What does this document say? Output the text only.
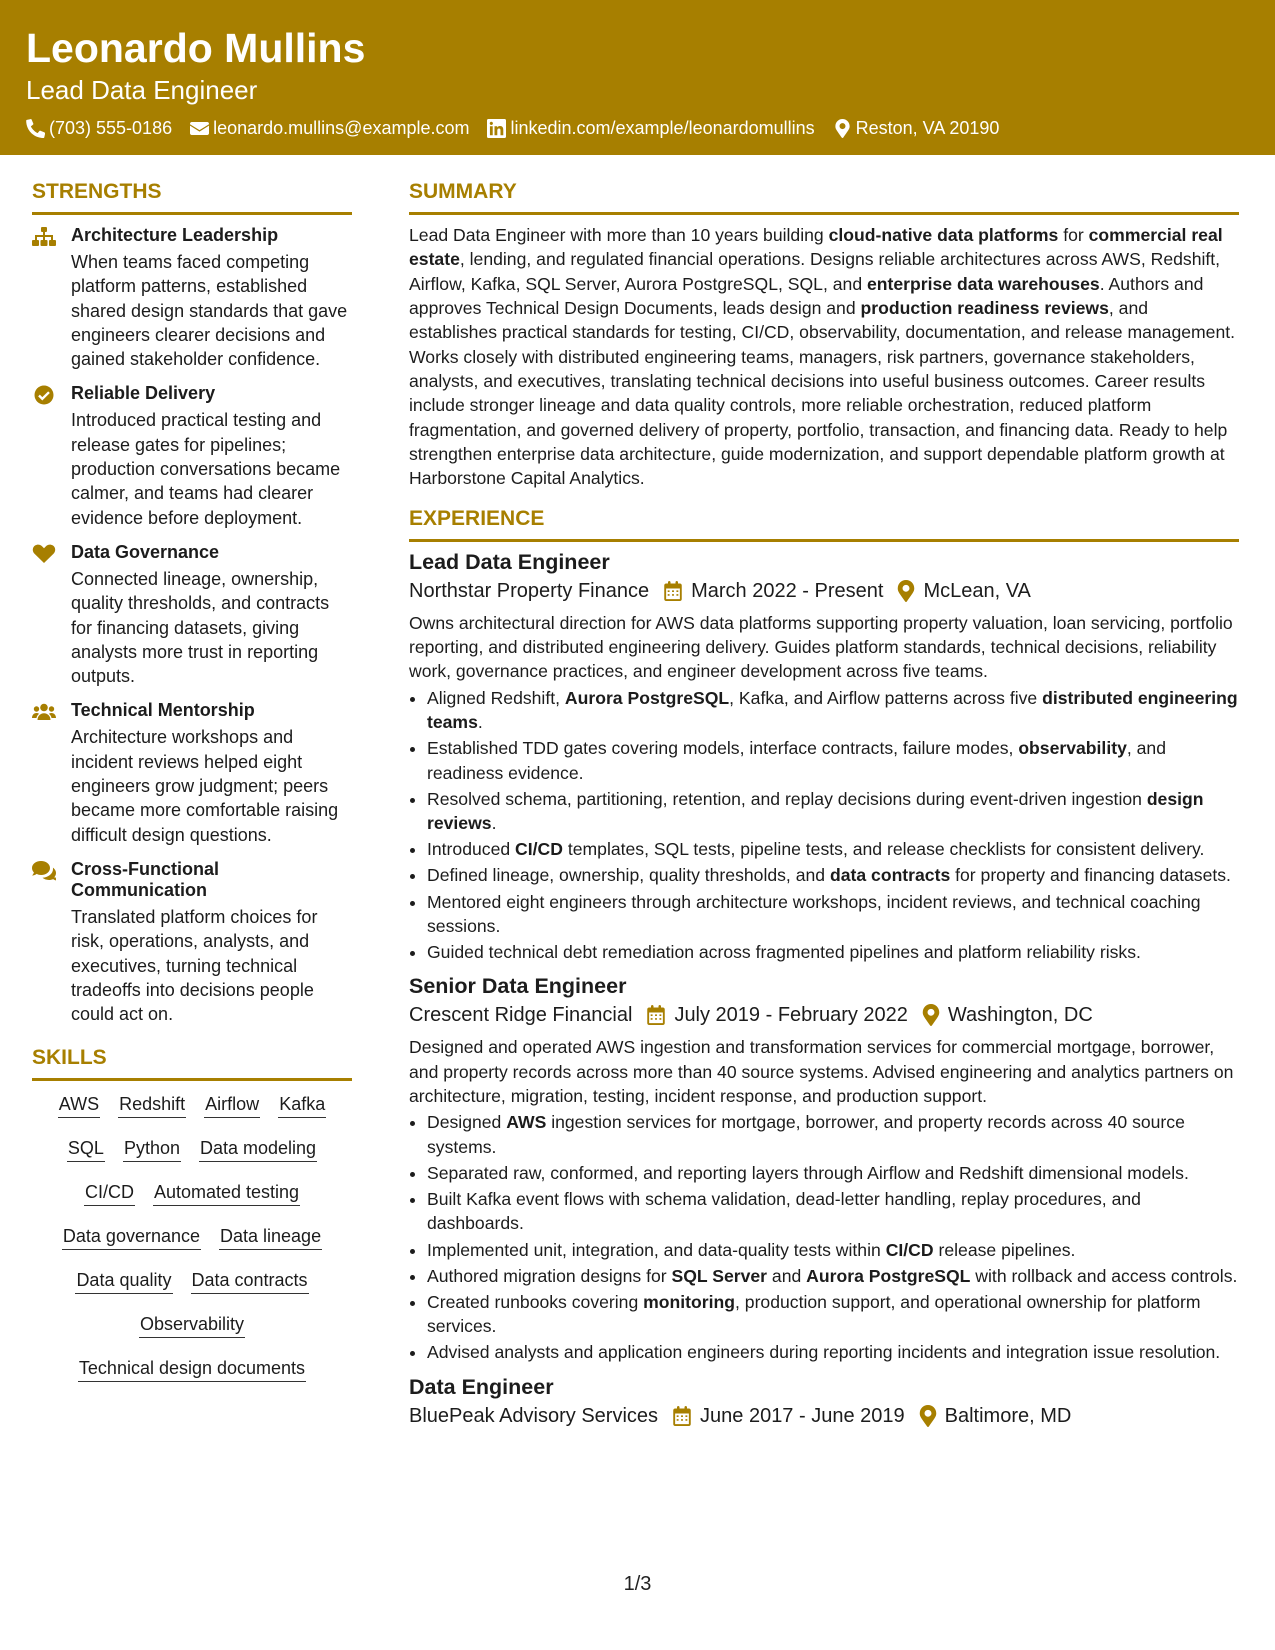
Leonardo Mullins
Lead Data Engineer
(703) 555-0186 leonardo.mullins@example.com linkedin.com/example/leonardomullins Reston, VA 20190
STRENGTHS
Architecture Leadership
When teams faced competing platform patterns, established shared design standards that gave engineers clearer decisions and gained stakeholder confidence.
Reliable Delivery
Introduced practical testing and release gates for pipelines; production conversations became calmer, and teams had clearer evidence before deployment.
Data Governance
Connected lineage, ownership, quality thresholds, and contracts for financing datasets, giving analysts more trust in reporting outputs.
Technical Mentorship
Architecture workshops and incident reviews helped eight engineers grow judgment; peers became more comfortable raising difficult design questions.
Cross-Functional Communication
Translated platform choices for risk, operations, analysts, and executives, turning technical tradeoffs into decisions people could act on.
SKILLS
AWS Redshift Airflow Kafka
SQL Python Data modeling
CI/CD Automated testing
Data governance Data lineage
Data quality Data contracts
Observability
Technical design documents
SUMMARY
Lead Data Engineer with more than 10 years building cloud-native data platforms for commercial real estate, lending, and regulated financial operations. Designs reliable architectures across AWS, Redshift, Airflow, Kafka, SQL Server, Aurora PostgreSQL, SQL, and enterprise data warehouses. Authors and approves Technical Design Documents, leads design and production readiness reviews, and establishes practical standards for testing, CI/CD, observability, documentation, and release management. Works closely with distributed engineering teams, managers, risk partners, governance stakeholders, analysts, and executives, translating technical decisions into useful business outcomes. Career results include stronger lineage and data quality controls, more reliable orchestration, reduced platform fragmentation, and governed delivery of property, portfolio, transaction, and financing data. Ready to help strengthen enterprise data architecture, guide modernization, and support dependable platform growth at Harborstone Capital Analytics.
EXPERIENCE
Lead Data Engineer
Northstar Property Finance March 2022 - Present McLean, VA
Owns architectural direction for AWS data platforms supporting property valuation, loan servicing, portfolio reporting, and distributed engineering delivery. Guides platform standards, technical decisions, reliability work, governance practices, and engineer development across five teams.
• Aligned Redshift, Aurora PostgreSQL, Kafka, and Airflow patterns across five distributed engineering teams.
• Established TDD gates covering models, interface contracts, failure modes, observability, and readiness evidence.
• Resolved schema, partitioning, retention, and replay decisions during event-driven ingestion design reviews.
• Introduced CI/CD templates, SQL tests, pipeline tests, and release checklists for consistent delivery.
• Defined lineage, ownership, quality thresholds, and data contracts for property and financing datasets.
• Mentored eight engineers through architecture workshops, incident reviews, and technical coaching sessions.
• Guided technical debt remediation across fragmented pipelines and platform reliability risks.
Senior Data Engineer
Crescent Ridge Financial July 2019 - February 2022 Washington, DC
Designed and operated AWS ingestion and transformation services for commercial mortgage, borrower, and property records across more than 40 source systems. Advised engineering and analytics partners on architecture, migration, testing, incident response, and production support.
• Designed AWS ingestion services for mortgage, borrower, and property records across 40 source systems.
• Separated raw, conformed, and reporting layers through Airflow and Redshift dimensional models.
• Built Kafka event flows with schema validation, dead-letter handling, replay procedures, and dashboards.
• Implemented unit, integration, and data-quality tests within CI/CD release pipelines.
• Authored migration designs for SQL Server and Aurora PostgreSQL with rollback and access controls.
• Created runbooks covering monitoring, production support, and operational ownership for platform services.
• Advised analysts and application engineers during reporting incidents and integration issue resolution.
Data Engineer
BluePeak Advisory Services June 2017 - June 2019 Baltimore, MD
1/3
